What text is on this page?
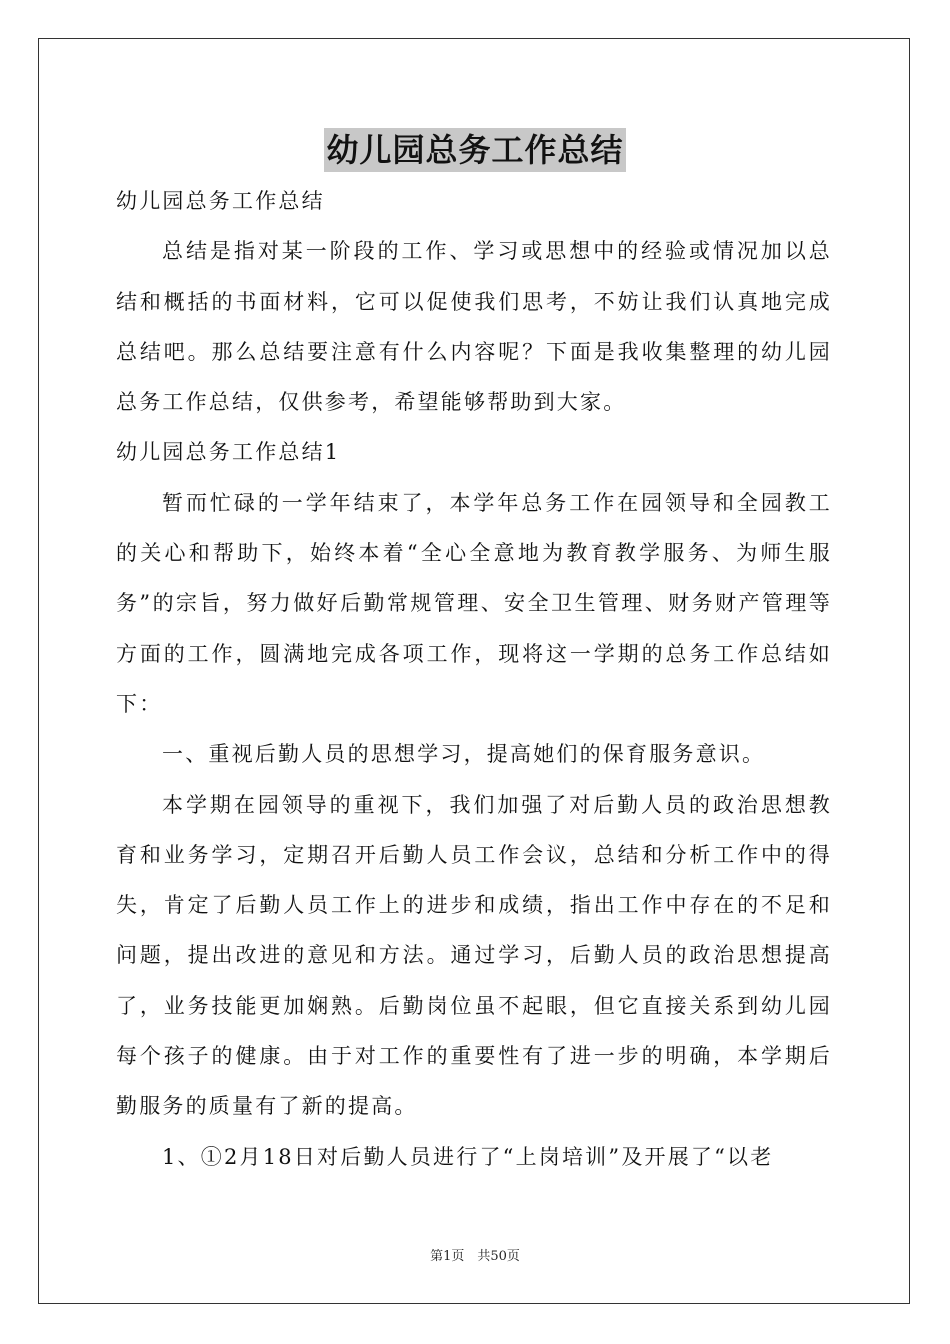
幼儿园总务工作总结

幼儿园总务工作总结

总结是指对某一阶段的工作、学习或思想中的经验或情况加以总结和概括的书面材料，它可以促使我们思考，不妨让我们认真地完成总结吧。那么总结要注意有什么内容呢？下面是我收集整理的幼儿园总务工作总结，仅供参考，希望能够帮助到大家。

幼儿园总务工作总结1

暂而忙碌的一学年结束了，本学年总务工作在园领导和全园教工的关心和帮助下，始终本着“全心全意地为教育教学服务、为师生服务”的宗旨，努力做好后勤常规管理、安全卫生管理、财务财产管理等方面的工作，圆满地完成各项工作，现将这一学期的总务工作总结如下：

一、重视后勤人员的思想学习，提高她们的保育服务意识。

本学期在园领导的重视下，我们加强了对后勤人员的政治思想教育和业务学习，定期召开后勤人员工作会议，总结和分析工作中的得失，肯定了后勤人员工作上的进步和成绩，指出工作中存在的不足和问题，提出改进的意见和方法。通过学习，后勤人员的政治思想提高了，业务技能更加娴熟。后勤岗位虽不起眼，但它直接关系到幼儿园每个孩子的健康。由于对工作的重要性有了进一步的明确，本学期后勤服务的质量有了新的提高。

1、①2月18日对后勤人员进行了“上岗培训”及开展了“以老

第1页　共50页
